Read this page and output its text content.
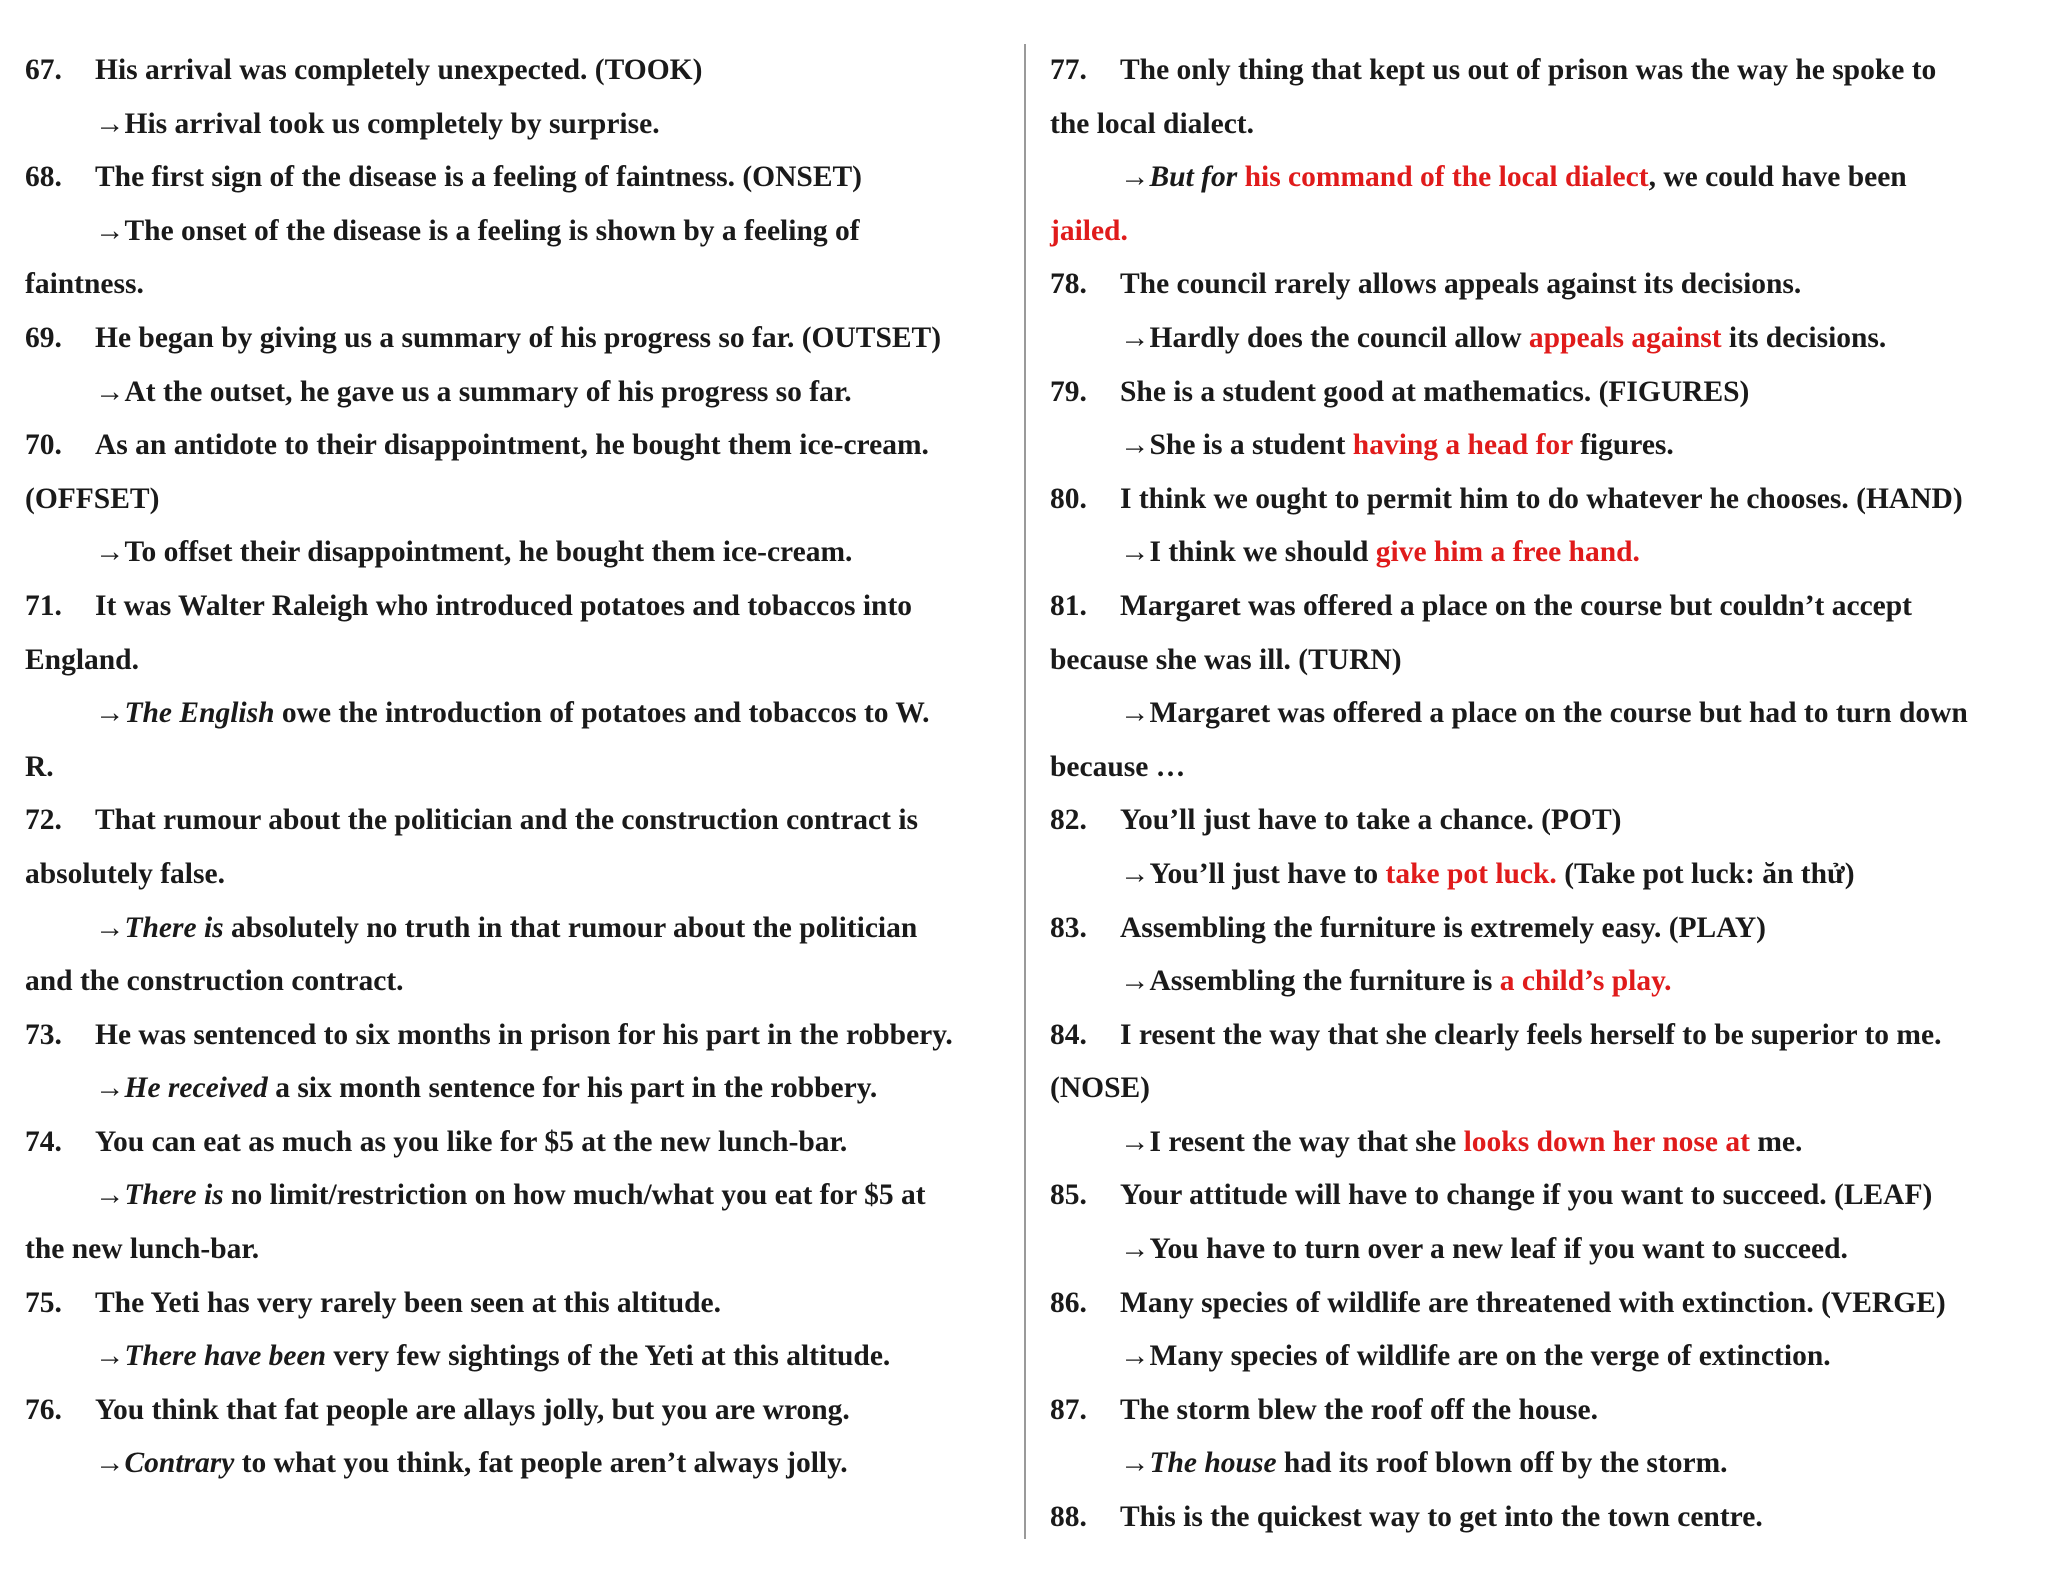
67. His arrival was completely unexpected. (TOOK)
→His arrival took us completely by surprise.
68. The first sign of the disease is a feeling of faintness. (ONSET)
→The onset of the disease is a feeling is shown by a feeling of
faintness.
69. He began by giving us a summary of his progress so far. (OUTSET)
→At the outset, he gave us a summary of his progress so far.
70. As an antidote to their disappointment, he bought them ice-cream.
(OFFSET)
→To offset their disappointment, he bought them ice-cream.
71. It was Walter Raleigh who introduced potatoes and tobaccos into
England.
→The English owe the introduction of potatoes and tobaccos to W.
R.
72. That rumour about the politician and the construction contract is
absolutely false.
→There is absolutely no truth in that rumour about the politician
and the construction contract.
73. He was sentenced to six months in prison for his part in the robbery.
→He received a six month sentence for his part in the robbery.
74. You can eat as much as you like for $5 at the new lunch-bar.
→There is no limit/restriction on how much/what you eat for $5 at
the new lunch-bar.
75. The Yeti has very rarely been seen at this altitude.
→There have been very few sightings of the Yeti at this altitude.
76. You think that fat people are allays jolly, but you are wrong.
→Contrary to what you think, fat people aren’t always jolly.
77. The only thing that kept us out of prison was the way he spoke to
the local dialect.
→But for his command of the local dialect, we could have been
jailed.
78. The council rarely allows appeals against its decisions.
→Hardly does the council allow appeals against its decisions.
79. She is a student good at mathematics. (FIGURES)
→She is a student having a head for figures.
80. I think we ought to permit him to do whatever he chooses. (HAND)
→I think we should give him a free hand.
81. Margaret was offered a place on the course but couldn’t accept
because she was ill. (TURN)
→Margaret was offered a place on the course but had to turn down
because …
82. You’ll just have to take a chance. (POT)
→You’ll just have to take pot luck. (Take pot luck: ăn thử)
83. Assembling the furniture is extremely easy. (PLAY)
→Assembling the furniture is a child’s play.
84. I resent the way that she clearly feels herself to be superior to me.
(NOSE)
→I resent the way that she looks down her nose at me.
85. Your attitude will have to change if you want to succeed. (LEAF)
→You have to turn over a new leaf if you want to succeed.
86. Many species of wildlife are threatened with extinction. (VERGE)
→Many species of wildlife are on the verge of extinction.
87. The storm blew the roof off the house.
→The house had its roof blown off by the storm.
88. This is the quickest way to get into the town centre.
